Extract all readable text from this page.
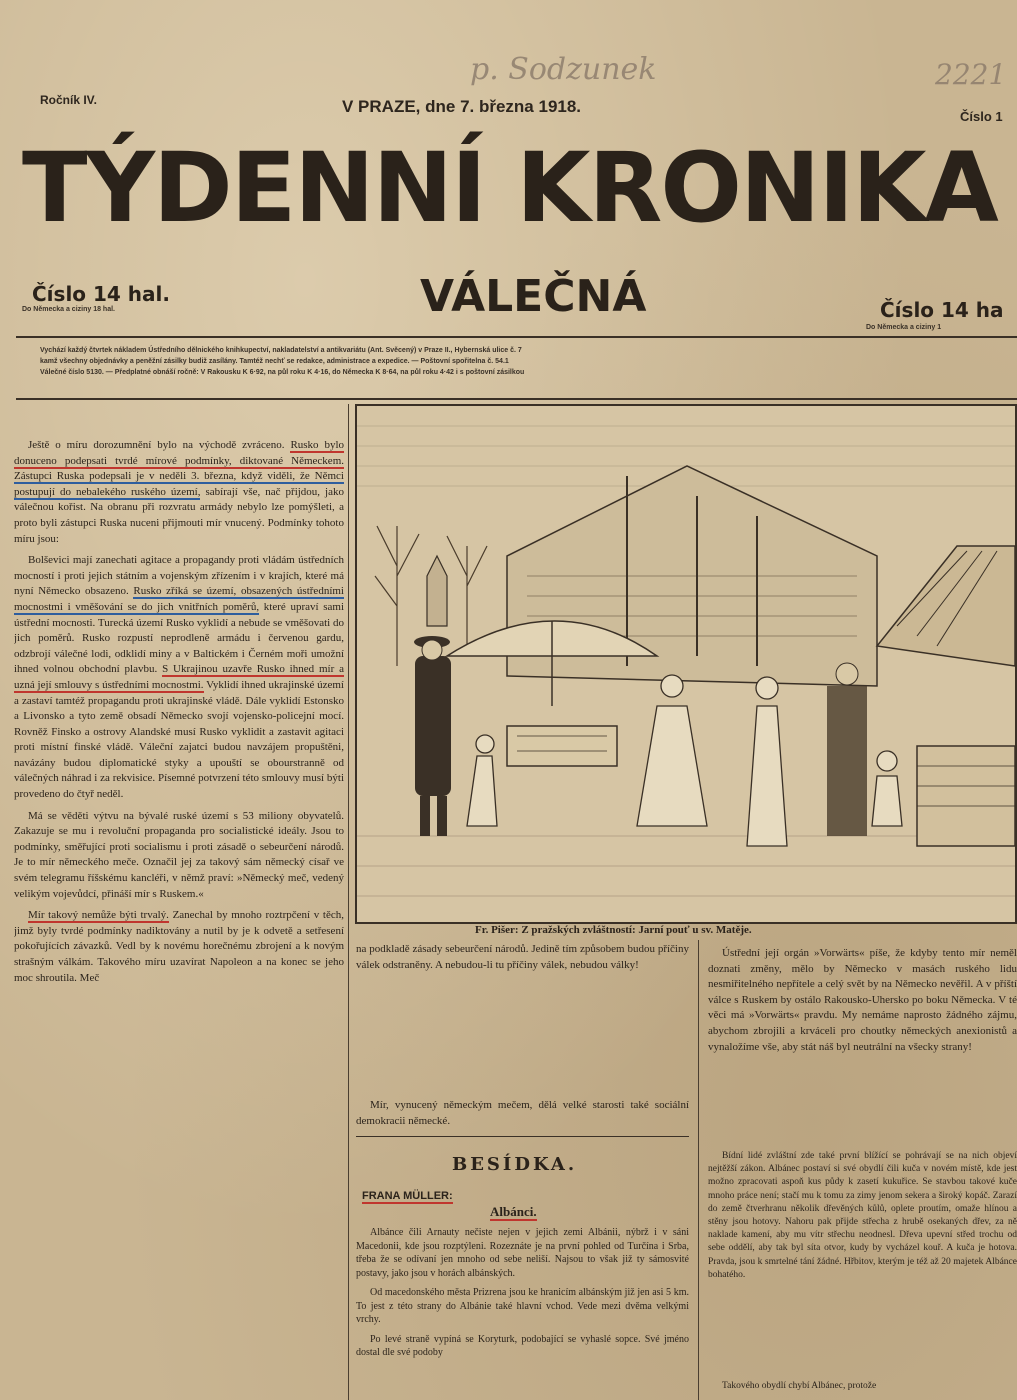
p. Sodzunek	2221
Ročník IV.	V PRAZE, dne 7. března 1918.
Číslo 1
TÝDENNÍ KRONIKA
VÁLEČNÁ
Číslo 14 hal.
Do Německa a ciziny 18 hal.	Číslo 14 ha
Do Německa a ciziny 1
Vychází každý čtvrtek nákladem Ústředního dělnického knihkupectví, nakladatelství a antikvariátu (Ant. Svěcený) v Praze II., Hybernská ulice č. 7
kamž všechny objednávky a peněžní zásilky budiž zasílány. Tamtéž nechť se redakce, administrace a expedice. — Poštovní spořitelna č. 54.1
Válečné číslo 5130. — Předplatné obnáší ročně: V Rakousku K 6·92, na půl roku K 4·16, do Německa K 8·64, na půl roku 4·42 i s poštovní zásilkou

Ještě o míru dorozumnění bylo na východě zvráceno. Rusko bylo donuceno podepsati tvrdé mírové podmínky, diktované Německem. Zástupci Ruska podepsali je v neděli 3. března, když viděli, že Němci postupují do nebalekého ruského území, sabírají vše, nač přijdou, jako válečnou kořist. Na obranu při rozvratu armády nebylo lze pomýšleti, a proto byli zástupci Ruska nuceni přijmouti mír vnucený. Podmínky tohoto míru jsou:

Bolševici mají zanechati agitace a propagandy proti vládám ústředních mocností i proti jejich státním a vojenským zřízením i v krajích, které má nyní Německo obsazeno. Rusko zříká se území, obsazených ústředními mocnostmi i vměšování se do jich vnitřních poměrů, které upraví sami ústřední mocnosti. Turecká území Rusko vyklidí a nebude se vměšovati do jich poměrů. Rusko rozpustí neprodleně armádu i červenou gardu, odzbrojí válečné lodi, odklidí miny a v Baltickém i Černém moři umožní ihned volnou obchodní plavbu. S Ukrajinou uzavře Rusko ihned mír a uzná její smlouvy s ústředními mocnostmi. Vyklidí ihned ukrajinské území a zastaví tamtéž propagandu proti ukrajinské vládě. Dále vyklidí Estonsko a Livonsko a tyto země obsadí Německo svojí vojensko-policejní mocí. Rovněž Finsko a ostrovy Alandské musí Rusko vyklidit a zastavit agitaci proti místní finské vládě. Váleční zajatci budou navzájem propuštěni, navázány budou diplomatické styky a upouští se obourstranně od válečných náhrad i za rekvisice. Písemné potvrzení této smlouvy musí býti provedeno do čtyř neděl.

Má se věděti výtvu na bývalé ruské území s 53 miliony obyvatelů. Zakazuje se mu i revoluční propaganda pro socialistické ideály. Jsou to podmínky, směřující proti socialismu i proti zásadě o sebeurčení národů. Je to mír německého meče. Označil jej za takový sám německý císař ve svém telegramu říšskému kancléři, v němž praví: »Německý meč, vedený velikým vojevůdcí, přináší mír s Ruskem.«

Mír takový nemůže býti trvalý. Zanechal by mnoho roztrpčení v těch, jimž byly tvrdé podmínky nadiktovány a nutil by je k odvetě a setřesení pokořujících závazků. Vedl by k novému horečnému zbrojení a k novým strašným válkám. Takového míru uzavírat Napoleon a na konec se jeho moc shroutila. Meč

Fr. Pišer: Z pražských zvláštností: Jarní pouť u sv. Matěje.

na podkladě zásady sebeurčení národů. Jedině tím způsobem budou příčiny válek odstraněny. A nebudou-li tu příčiny válek, nebudou války!

Mír, vynucený německým mečem, dělá velké starosti také sociální demokracii německé.

BESÍDKA.
FRANA MÜLLER:
Albánci.

Albánce čili Arnauty nečiste nejen v jejich zemi Albánii, nýbrž i v sáni Macedonii, kde jsou rozptýleni. Rozeznáte je na první pohled od Turčína i Srba, třeba že se odívaní jen mnoho od sebe neliší. Najsou to však již ty sámosvité postavy, jako jsou v horách albánských.

Od macedonského města Prizrena jsou ke hranicím albánským již jen asi 5 km. To jest z této strany do Albánie také hlavní vchod. Vede mezi dvěma velkými vrchy.

Po levé straně vypíná se Koryturk, podobající se vyhaslé sopce. Své jméno dostal dle své podoby

Ústřední její orgán »Vorwärts« píše, že kdyby tento mír neměl doznati změny, mělo by Německo v masách ruského lidu nesmiřitelného nepřítele a celý svět by na Německo nevěřil. A v příští válce s Ruskem by ostálo Rakousko-Uhersko po boku Německa. V té věci má »Vorwärts« pravdu. My nemáme naprosto žádného zájmu, abychom zbrojili a krváceli pro choutky německých anexionistů a vynaložíme vše, aby stát náš byl neutrální na všecky strany!

Bídní lidé zvláštní zde také první blížící se pohrávají se na nich objeví nejtěžší zákon. Albánec postaví si své obydlí čili kuča v novém místě, kde jest možno zpracovati aspoň kus půdy k zasetí kukuřice. Se stavbou takové kuče mnoho práce není; stačí mu k tomu za zimy jenom sekera a široký kopáč. Zarazí do země čtverhranu několik dřevěných kůlů, oplete proutím, omaže hlínou a stěny jsou hotovy. Nahoru pak přijde střecha z hrubě osekaných dřev, za ně naklade kamení, aby mu vítr střechu neodnesl. Dřeva upevní střed trochu od sebe oddělí, aby tak byl síta otvor, kudy by vycházel kouř. A kuča je hotova. Pravda, jsou k smrtelné tání žádné. Hřbitov, kterým je též až 20 majetek Albánce bohatého.

Takového obydlí chybí Albánec, protože
